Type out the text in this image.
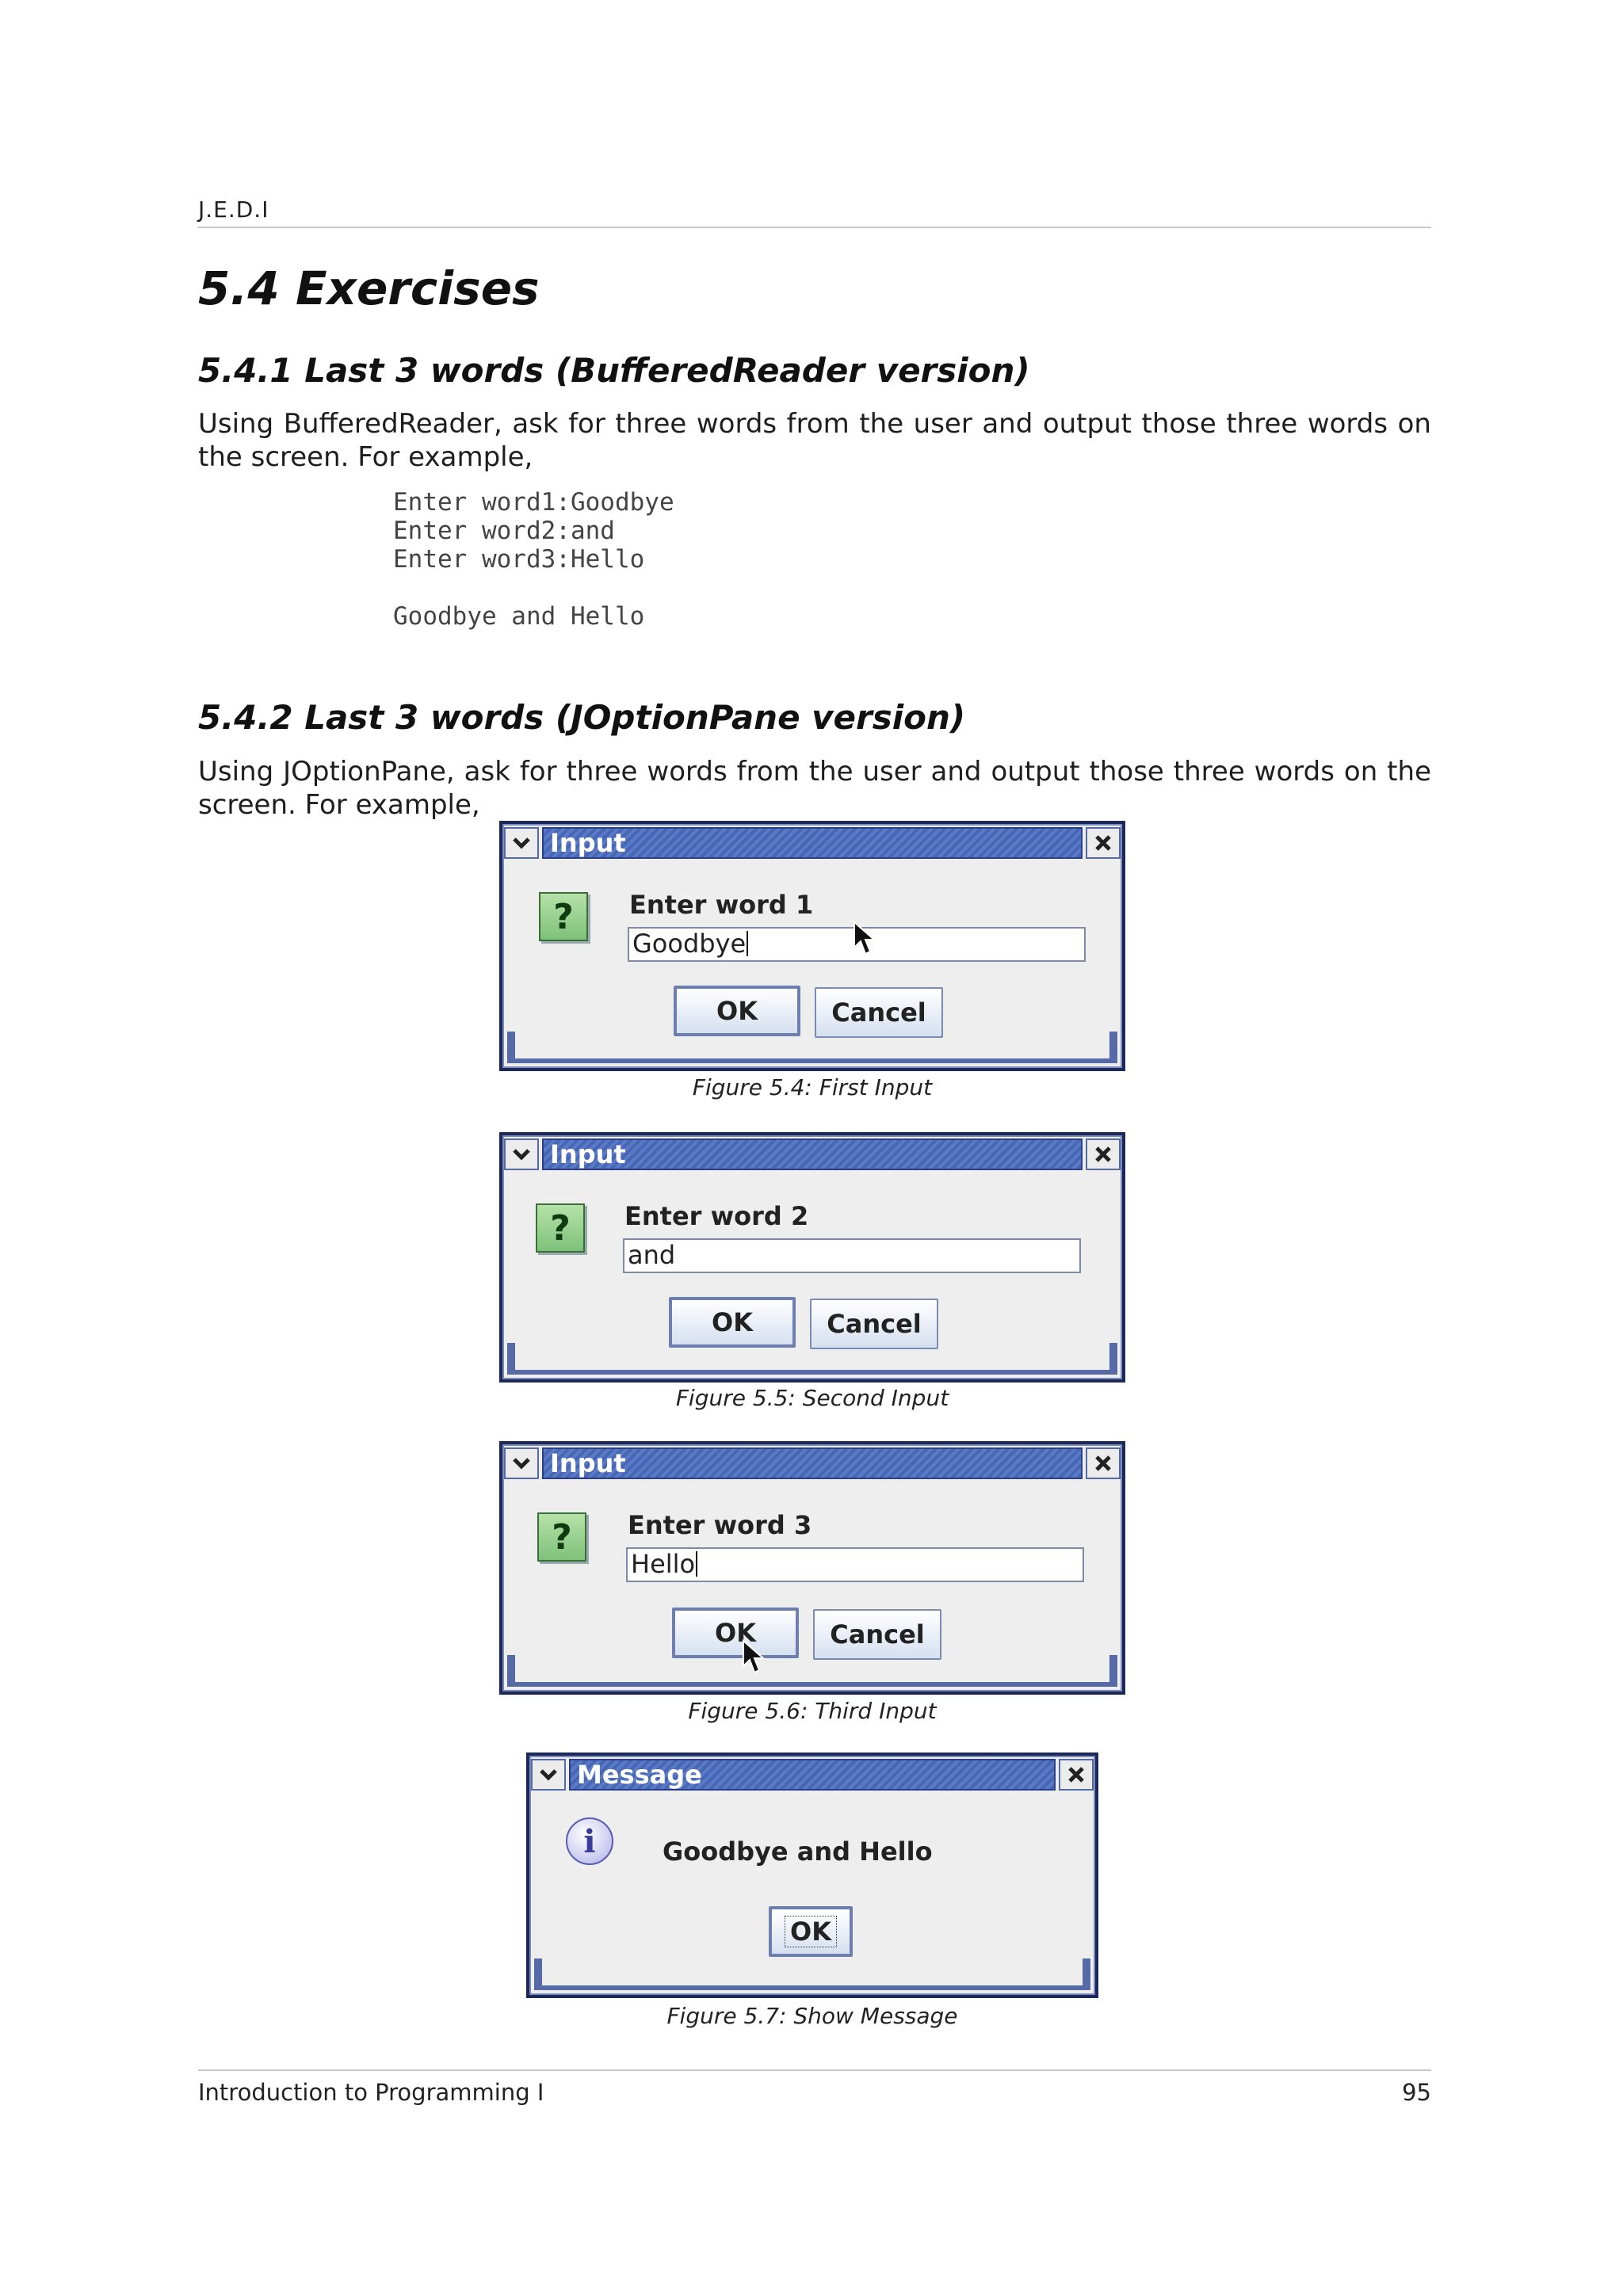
J.E.D.I
5.4 Exercises
5.4.1 Last 3 words (BufferedReader version)

Using BufferedReader, ask for three words from the user and output those three words on the screen. For example,

Enter word1:Goodbye
Enter word2:and
Enter word3:Hello

Goodbye and Hello
5.4.2 Last 3 words (JOptionPane version)

Using JOptionPane, ask for three words from the user and output those three words on the screen. For example,

Input
?	Enter word 1
Goodbye
OK	Cancel
Figure 5.4: First Input
Input
?	Enter word 2
and
OK	Cancel
Figure 5.5: Second Input
Input
?	Enter word 3
Hello
OK	Cancel
Figure 5.6: Third Input
Message
i	Goodbye and Hello
OK
Figure 5.7: Show Message
Introduction to Programming I	95
